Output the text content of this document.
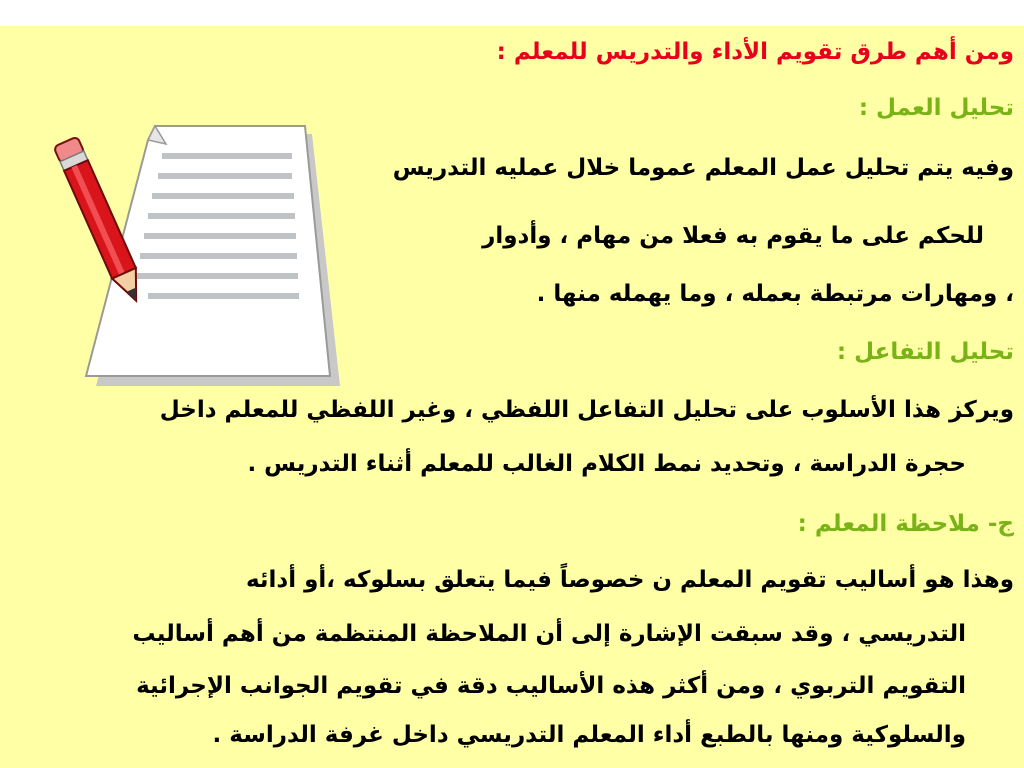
ومن أهم طرق تقويم الأداء والتدريس للمعلم :
تحليل العمل :
وفيه يتم تحليل عمل المعلم عموما خلال عمليه التدريس
للحكم على ما يقوم به فعلا من مهام ، وأدوار
، ومهارات مرتبطة بعمله ، وما يهمله منها .
تحليل التفاعل :
ويركز هذا الأسلوب على تحليل التفاعل اللفظي ، وغير اللفظي للمعلم داخل
حجرة الدراسة ، وتحديد نمط الكلام الغالب للمعلم أثناء التدريس .
ج- ملاحظة المعلم :
وهذا هو أساليب تقويم المعلم ن خصوصاً فيما يتعلق بسلوكه ،أو أدائه
التدريسي ، وقد سبقت الإشارة إلى أن الملاحظة المنتظمة من أهم أساليب
التقويم التربوي ، ومن أكثر هذه الأساليب دقة في تقويم الجوانب الإجرائية
والسلوكية ومنها بالطبع أداء المعلم التدريسي داخل غرفة الدراسة .
